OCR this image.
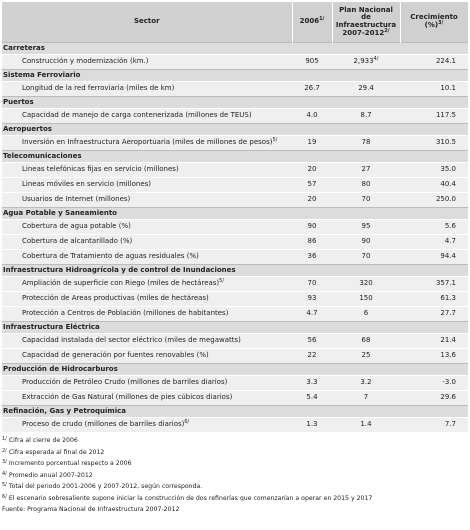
Sector	$2006^{1/}$	Plan Nacional de
Infraestructura
$2007-2012^{2/}$	Crecimiento
(%)$^{3/}$

Carreteras			
Construcción y modernización (km.)	905	$2,933^{4/}$	224.1
Sistema Ferroviario			
Longitud de la red ferroviaria (miles de km)	26.7	29.4	10.1
Puertos			
Capacidad de manejo de carga contenerizada (millones de TEUS)	4.0	8.7	117.5
Aeropuertos			
Inversión en Infraestructura Aeroportuaria (miles de millones de pesos)$^{5/}$	19	78	310.5
Telecomunicaciones			
Lineas telefónicas fijas en servicio (millones)	20	27	35.0
Lineas móviles en servicio (millones)	57	80	40.4
Usuarios de Internet (millones)	20	70	250.0
Agua Potable y Saneamiento			
Cobertura de agua potable (%)	90	95	5.6
Cobertura de alcantarillado (%)	86	90	4.7
Cobertura de Tratamiento de aguas residuales (%)	36	70	94.4
Infraestructura Hidroagrícola y de control de Inundaciones			
Ampliación de superficie con Riego (miles de hectáreas)$^{5/}$	70	320	357.1
Protección de Areas productivas (miles de hectáreas)	93	150	61.3
Protección a Centros de Población (millones de habitantes)	4.7	6	27.7
Infraestructura Eléctrica			
Capacidad instalada del sector eléctrico (miles de megawatts)	56	68	21.4
Capacidad de generación por fuentes renovables (%)	22	25	13.6
Producción de Hidrocarburos			
Producción de Petróleo Crudo (millones de barriles diarios)	3.3	3.2	-3.0
Extracción de Gas Natural (millones de pies cúbicos diarios)	5.4	7	29.6
Refinación, Gas y Petroquímica			
Proceso de crudo (millones de barriles diarios)$^{6/}$	1.3	1.4	7.7
$^{1/}$ Cifra al cierre de 2006
$^{2/}$ Cifra esperada al final de 2012
$^{3/}$ Incremento porcentual respecto a 2006
$^{4/}$ Promedio anual 2007-2012
$^{5/}$ Total del periodo 2001-2006 y 2007-2012, según corresponda.
$^{6/}$ El escenario sobresaliente supone iniciar la construcción de dos refinerías que comenzarían a operar en 2015 y 2017
Fuente: Programa Nacional de Infraestructura 2007-2012
